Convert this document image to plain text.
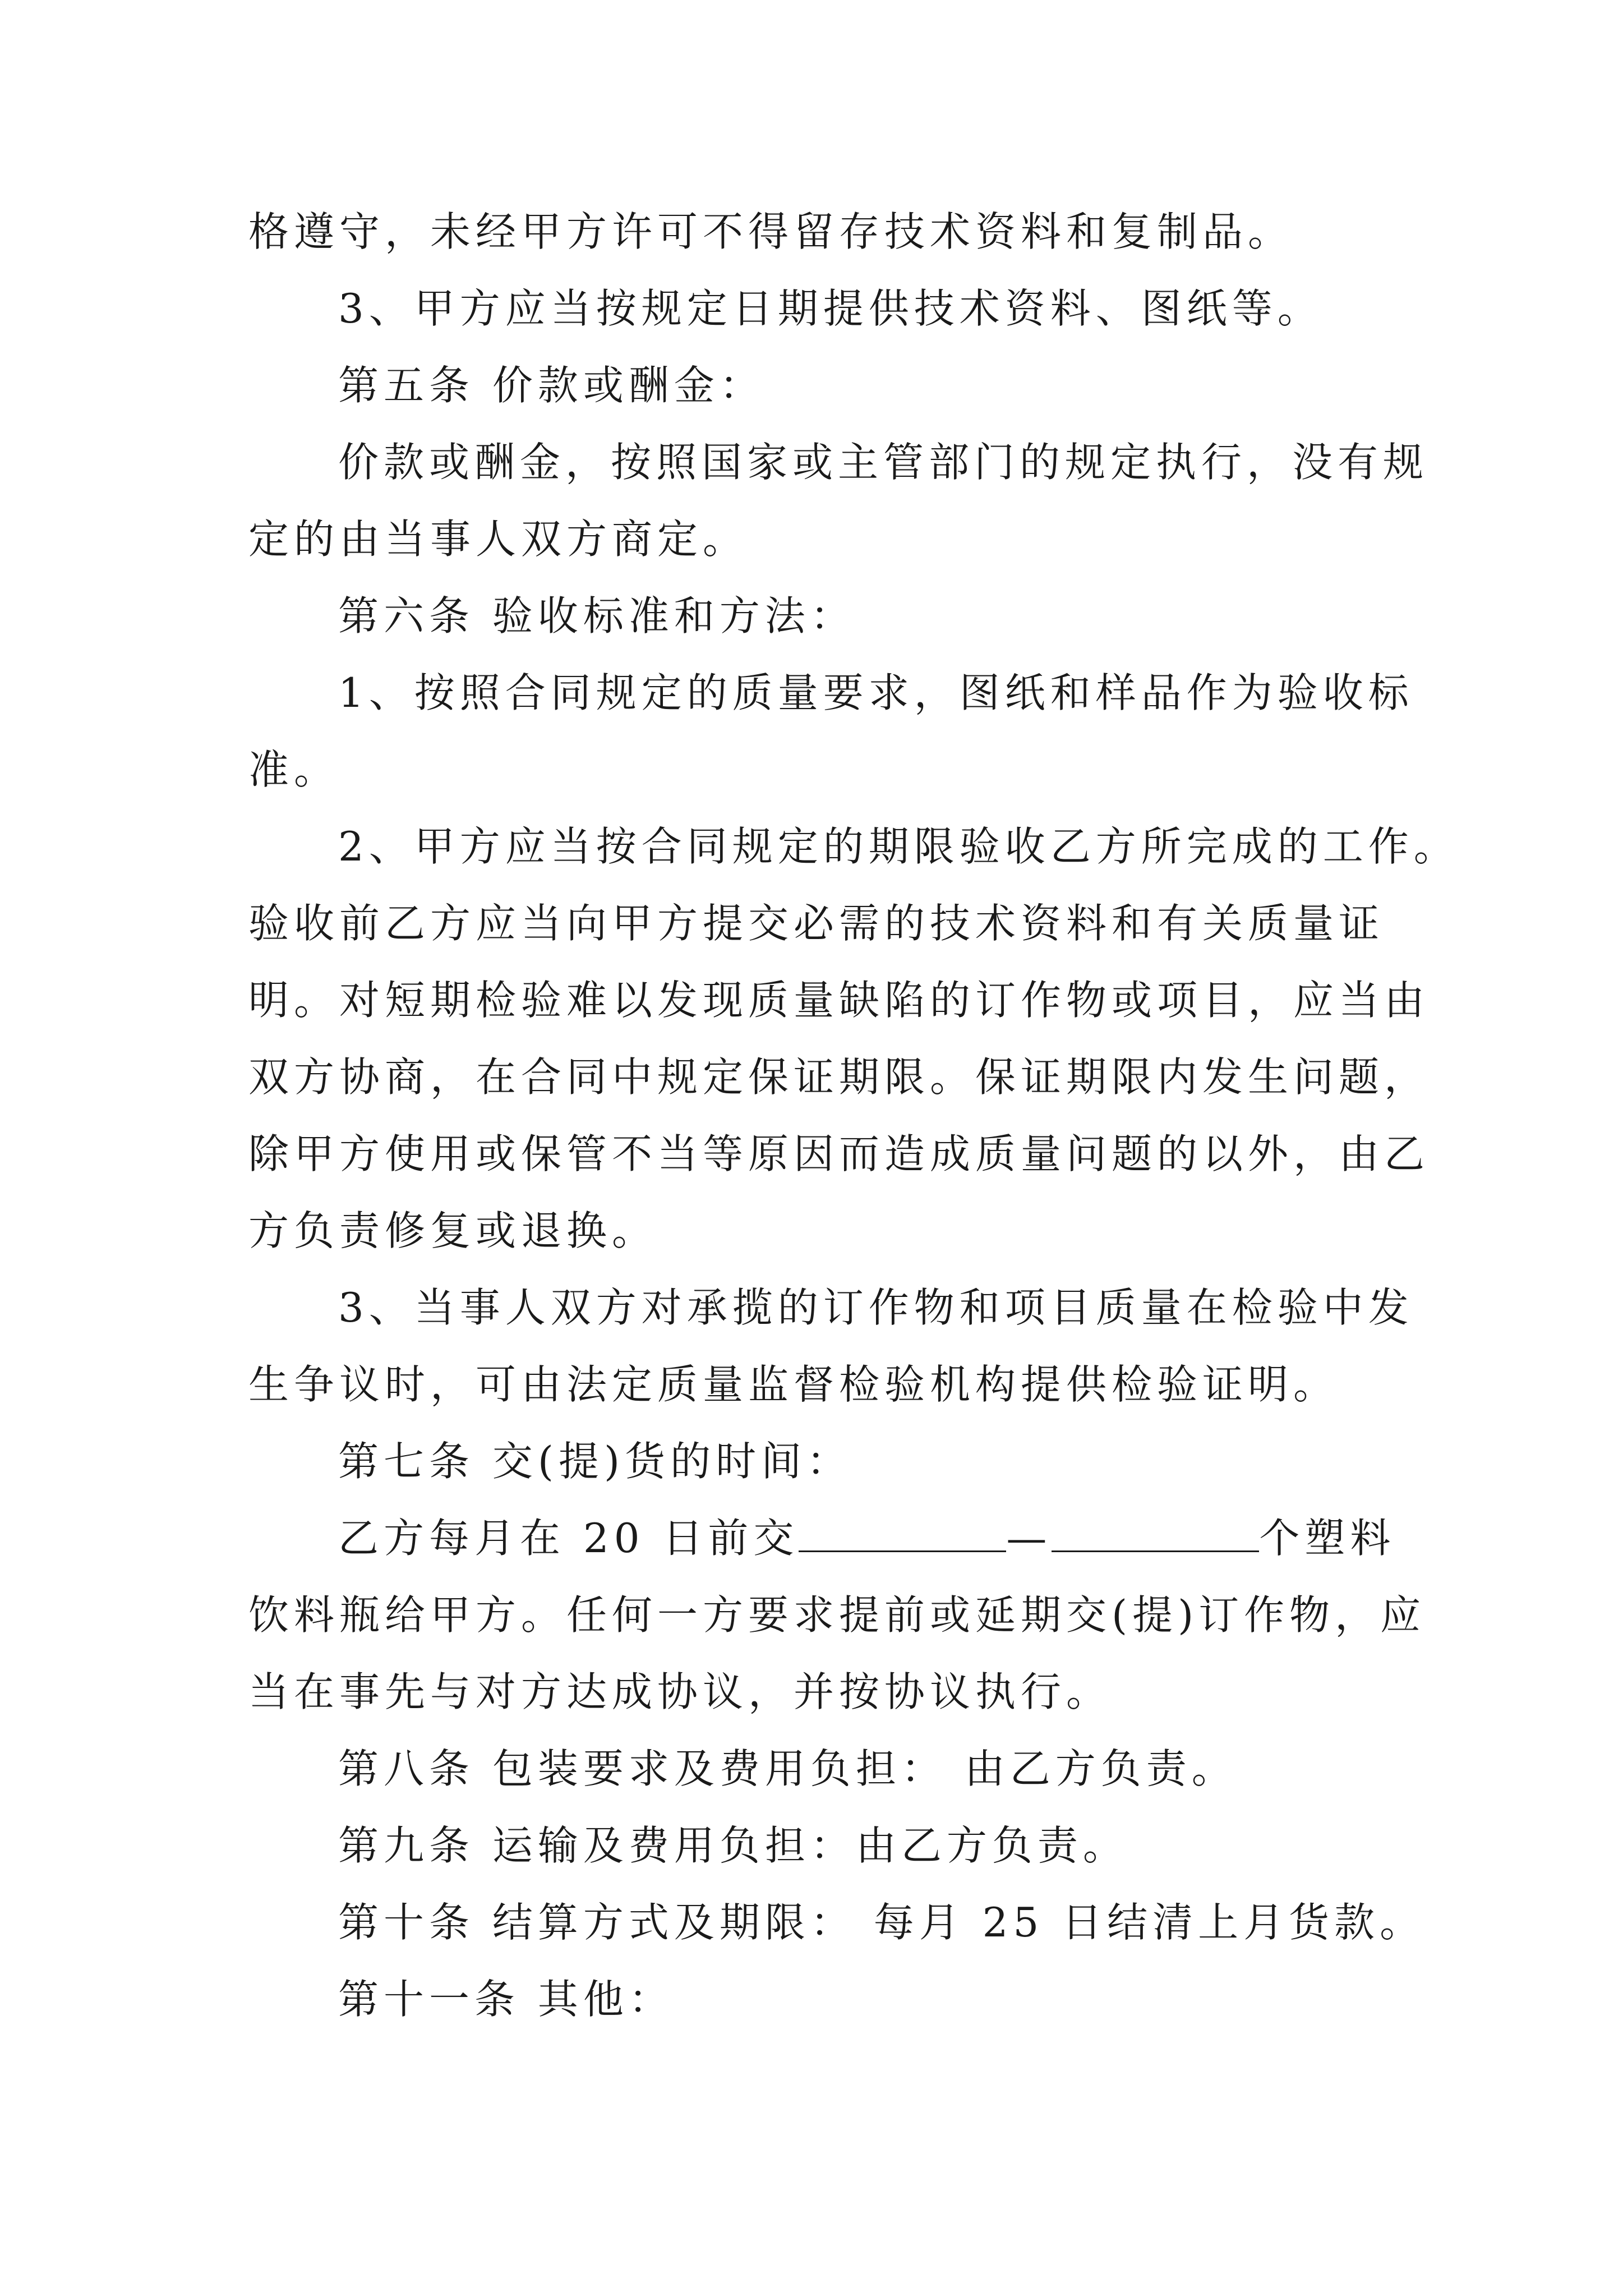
格遵守，未经甲方许可不得留存技术资料和复制品。
3、甲方应当按规定日期提供技术资料、图纸等。
第五条 价款或酬金：
价款或酬金，按照国家或主管部门的规定执行，没有规
定的由当事人双方商定。
第六条 验收标准和方法：
1、按照合同规定的质量要求，图纸和样品作为验收标
准。
2、甲方应当按合同规定的期限验收乙方所完成的工作。
验收前乙方应当向甲方提交必需的技术资料和有关质量证
明。对短期检验难以发现质量缺陷的订作物或项目，应当由
双方协商，在合同中规定保证期限。保证期限内发生问题，
除甲方使用或保管不当等原因而造成质量问题的以外，由乙
方负责修复或退换。
3、当事人双方对承揽的订作物和项目质量在检验中发
生争议时，可由法定质量监督检验机构提供检验证明。
第七条 交(提)货的时间：
乙方每月在 20 日前交	—	个塑料
饮料瓶给甲方。任何一方要求提前或延期交(提)订作物，应
当在事先与对方达成协议，并按协议执行。
第八条 包装要求及费用负担： 由乙方负责。
第九条 运输及费用负担：由乙方负责。
第十条 结算方式及期限： 每月 25 日结清上月货款。
第十一条 其他：
